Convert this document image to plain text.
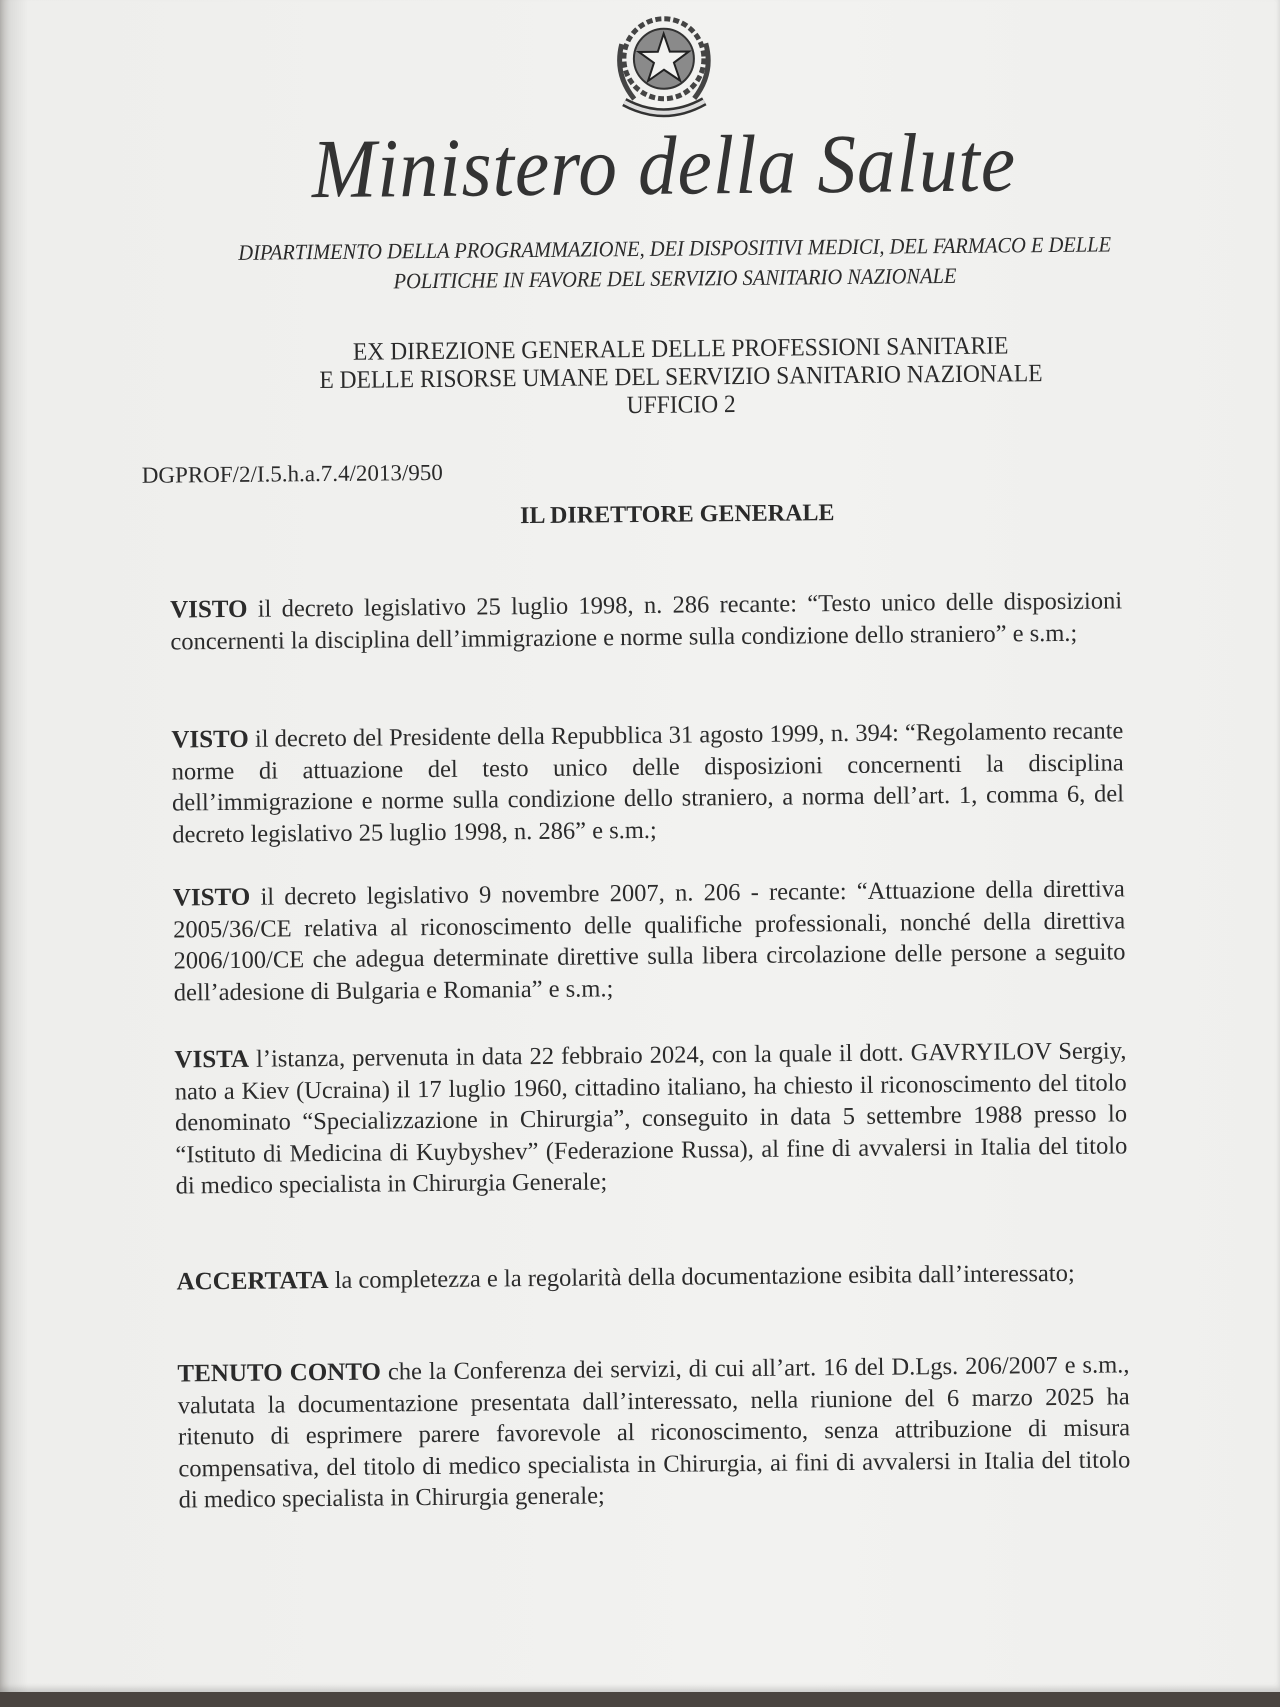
Ministero della Salute
DIPARTIMENTO DELLA PROGRAMMAZIONE, DEI DISPOSITIVI MEDICI, DEL FARMACO E DELLE
POLITICHE IN FAVORE DEL SERVIZIO SANITARIO NAZIONALE
EX DIREZIONE GENERALE DELLE PROFESSIONI SANITARIE
E DELLE RISORSE UMANE DEL SERVIZIO SANITARIO NAZIONALE
UFFICIO 2
DGPROF/2/I.5.h.a.7.4/2013/950
IL DIRETTORE GENERALE
VISTO il decreto legislativo 25 luglio 1998, n. 286 recante: “Testo unico delle disposizioni concernenti la disciplina dell’immigrazione e norme sulla condizione dello straniero” e s.m.;
VISTO il decreto del Presidente della Repubblica 31 agosto 1999, n. 394: “Regolamento recante norme di attuazione del testo unico delle disposizioni concernenti la disciplina dell’immigrazione e norme sulla condizione dello straniero, a norma dell’art. 1, comma 6, del decreto legislativo 25 luglio 1998, n. 286” e s.m.;
VISTO il decreto legislativo 9 novembre 2007, n. 206 - recante: “Attuazione della direttiva 2005/36/CE relativa al riconoscimento delle qualifiche professionali, nonché della direttiva 2006/100/CE che adegua determinate direttive sulla libera circolazione delle persone a seguito dell’adesione di Bulgaria e Romania” e s.m.;
VISTA l’istanza, pervenuta in data 22 febbraio 2024, con la quale il dott. GAVRYILOV Sergiy, nato a Kiev (Ucraina) il 17 luglio 1960, cittadino italiano, ha chiesto il riconoscimento del titolo denominato “Specializzazione in Chirurgia”, conseguito in data 5 settembre 1988 presso lo “Istituto di Medicina di Kuybyshev” (Federazione Russa), al fine di avvalersi in Italia del titolo di medico specialista in Chirurgia Generale;
ACCERTATA la completezza e la regolarità della documentazione esibita dall’interessato;
TENUTO CONTO che la Conferenza dei servizi, di cui all’art. 16 del D.Lgs. 206/2007 e s.m., valutata la documentazione presentata dall’interessato, nella riunione del 6 marzo 2025 ha ritenuto di esprimere parere favorevole al riconoscimento, senza attribuzione di misura compensativa, del titolo di medico specialista in Chirurgia, ai fini di avvalersi in Italia del titolo di medico specialista in Chirurgia generale;
